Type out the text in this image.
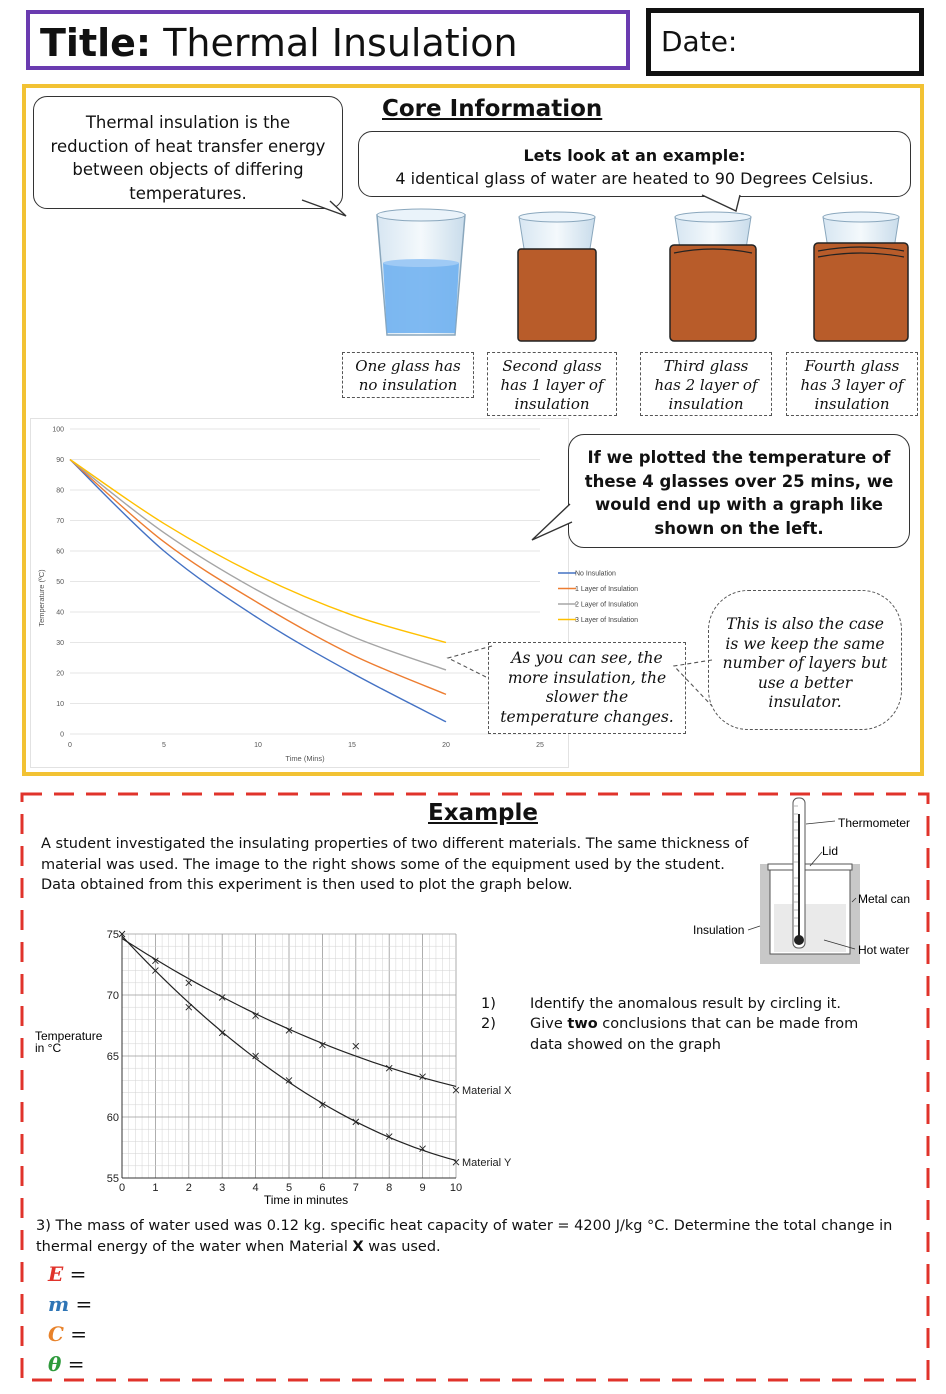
Title: Thermal Insulation	Date:
Core Information
Thermal insulation is the reduction of heat transfer energy between objects of differing temperatures.
Lets look at an example:
4 identical glass of water are heated to 90 Degrees Celsius.
One glass has no insulation
Second glass has 1 layer of insulation
Third glass has 2 layer of insulation
Fourth glass has 3 layer of insulation
0
10
20
30
40
50
60
70
80
90
100
0	5	10	15	20	25
No Insulation
1 Layer of Insulation
2 Layer of Insulation
3 Layer of Insulation
Time (Mins)
Temperature (ºC)
If we plotted the temperature of these 4 glasses over 25 mins, we would end up with a graph like shown on the left.
As you can see, the more insulation, the slower the temperature changes.
This is also the case is we keep the same number of layers but use a better insulator.
Example
A student investigated the insulating properties of two different materials. The same thickness of
material was used. The image to the right shows some of the equipment used by the student.
Data obtained from this experiment is then used to plot the graph below.
Thermometer
Lid
Metal can
Insulation
Hot water
55
60
65
70
75
0 1 2 3 4 5 6 7 8 9 10
Material X
Material Y
Temperature in °C
Time in minutes
1) Identify the anomalous result by circling it.
2) Give two conclusions that can be made from data showed on the graph
3) The mass of water used was 0.12 kg. specific heat capacity of water = 4200 J/kg °C. Determine the total change in thermal energy of the water when Material X was used.
E =
m =
C =
θ =
